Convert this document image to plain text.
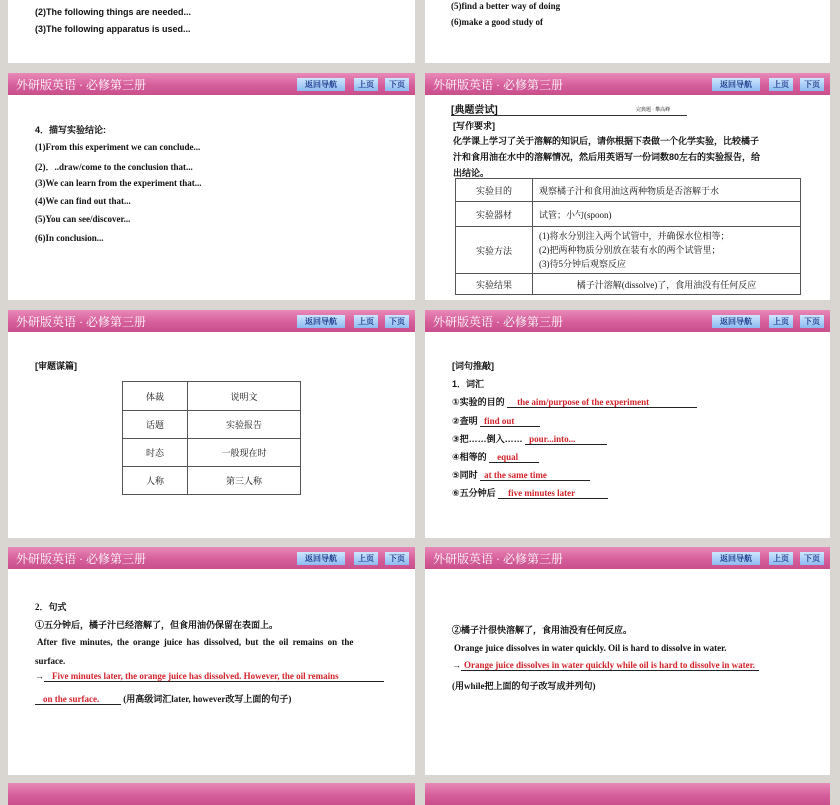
(2)The following things are needed...
(3)The following apparatus is used...
(5)find a better way of doing
(6)make a good study of
外研版英语 · 必修第三册	返回导航	上页	下页
4．描写实验结论:
(1)From this experiment we can conclude...
(2)．..draw/come to the conclusion that...
(3)We can learn from the experiment that...
(4)We can find out that...
(5)You can see/discover...
(6)In conclusion...
外研版英语 · 必修第三册	返回导航	上页	下页
[典题尝试]	完典题 · 攀高峰
[写作要求]
化学课上学习了关于溶解的知识后，请你根据下表做一个化学实验，比较橘子
汁和食用油在水中的溶解情况，然后用英语写一份词数80左右的实验报告，给
出结论。
实验目的	观察橘子汁和食用油这两种物质是否溶解于水
实验器材	试管；小勺(spoon)
实验方法	(1)将水分别注入两个试管中，并确保水位相等；
(2)把两种物质分别放在装有水的两个试管里；
(3)待5分钟后观察反应

实验结果	橘子汁溶解(dissolve)了，食用油没有任何反应
外研版英语 · 必修第三册	返回导航	上页	下页
[审题谋篇]
体裁	说明文
话题	实验报告
时态	一般现在时
人称	第三人称
外研版英语 · 必修第三册	返回导航	上页	下页
[词句推敲]
1．词汇
①实验的目的 the aim/purpose of the experiment
②查明 find out
③把……倒入…… pour...into...
④相等的 equal
⑤同时 at the same time
⑥五分钟后 five minutes later
外研版英语 · 必修第三册	返回导航	上页	下页
2．句式
①五分钟后，橘子汁已经溶解了，但食用油仍保留在表面上。
After five minutes, the orange juice has dissolved, but the oil remains on the
surface.
→ Five minutes later, the orange juice has dissolved. However, the oil remains
on the surface.	(用高级词汇later, however改写上面的句子)
外研版英语 · 必修第三册	返回导航	上页	下页
②橘子汁很快溶解了，食用油没有任何反应。
Orange juice dissolves in water quickly. Oil is hard to dissolve in water.
→ Orange juice dissolves in water quickly while oil is hard to dissolve in water.
(用while把上面的句子改写成并列句)
